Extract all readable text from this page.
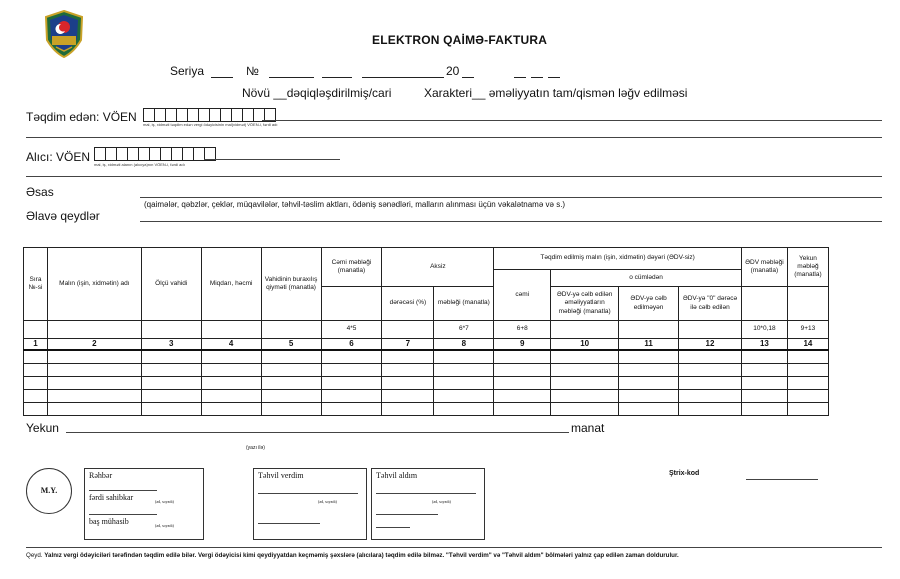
ELEKTRON QAİMƏ-FAKTURA
Seriya	№	20
Növü __dəqiqləşdirilmiş/cari	Xarakteri__ əməliyyatın tam/qismən ləğv edilməsi
Təqdim edən: VÖEN
mal, iş, xidməti təqdim edən vergi ödəyicisinin mal(xidmət) VÖEN-i, fərdi adı
Alıcı: VÖEN
mal, iş, xidməti alanın (alıcıya)nın VÖEN-i, fərdi adı
Əsas
(qaimələr, qəbzlər, çeklər, müqavilələr, təhvil-təslim aktları, ödəniş sənədləri, malların alınması üçün vəkalətnamə və s.)
Əlavə qeydlər
Sıra №-si	Malın (işin, xidmətin) adı	Ölçü vahidi	Miqdarı, həcmi	Vahidinin buraxılış qiyməti (manatla)	Cəmi məbləği (manatla)	Aksiz		Təqdim edilmiş malın (işin, xidmətin) dəyəri (ƏDV-siz)				ƏDV məbləği (manatla)	Yekun məbləğ (manatla)
								cəmi	o cümlədən				
						dərəcəsi (%)	məbləği (manatla)		ƏDV-yə cəlb edilən əməliyyatların məbləği (manatla)	ƏDV-yə cəlb edilməyən	ƏDV-yə "0" dərəcə ilə cəlb edilən		
					4*5		6*7	6+8				10*0,18	9+13
1	2	3	4	5	6	7	8	9	10	11	12	13	14

Yekun	manat
(yazı ilə)
M.Y.
Rəhbər
fərdi sahibkar	(ad, soyadı)
baş mühasib	(ad, soyadı)
Təhvil verdim
(ad, soyadı)
Təhvil aldım
(ad, soyadı)
Ştrix-kod
Qeyd. Yalnız vergi ödəyiciləri tərəfindən təqdim edilə bilər. Vergi ödəyicisi kimi qeydiyyatdan keçməmiş şəxslərə (alıcılara) təqdim edilə bilməz. "Təhvil verdim" və "Təhvil aldım" bölmələri yalnız çap edilən zaman doldurulur.
